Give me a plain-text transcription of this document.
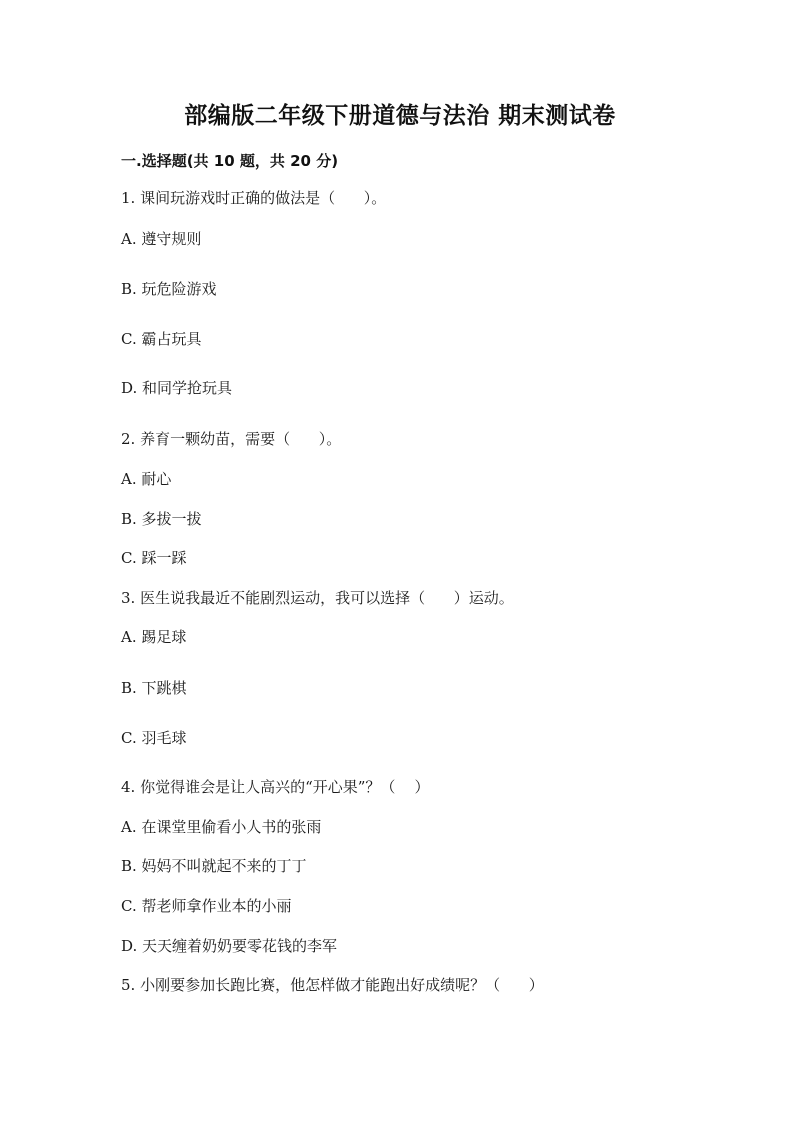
部编版二年级下册道德与法治 期末测试卷
一.选择题(共 10 题，共 20 分)
1. 课间玩游戏时正确的做法是（      ）。
A. 遵守规则
B. 玩危险游戏
C. 霸占玩具
D. 和同学抢玩具
2. 养育一颗幼苗，需要（      ）。
A. 耐心
B. 多拔一拔
C. 踩一踩
3. 医生说我最近不能剧烈运动，我可以选择（      ）运动。
A. 踢足球
B. 下跳棋
C. 羽毛球
4. 你觉得谁会是让人高兴的“开心果”？（    ）
A. 在课堂里偷看小人书的张雨
B. 妈妈不叫就起不来的丁丁
C. 帮老师拿作业本的小丽
D. 天天缠着奶奶要零花钱的李军
5. 小刚要参加长跑比赛，他怎样做才能跑出好成绩呢？（      ）
